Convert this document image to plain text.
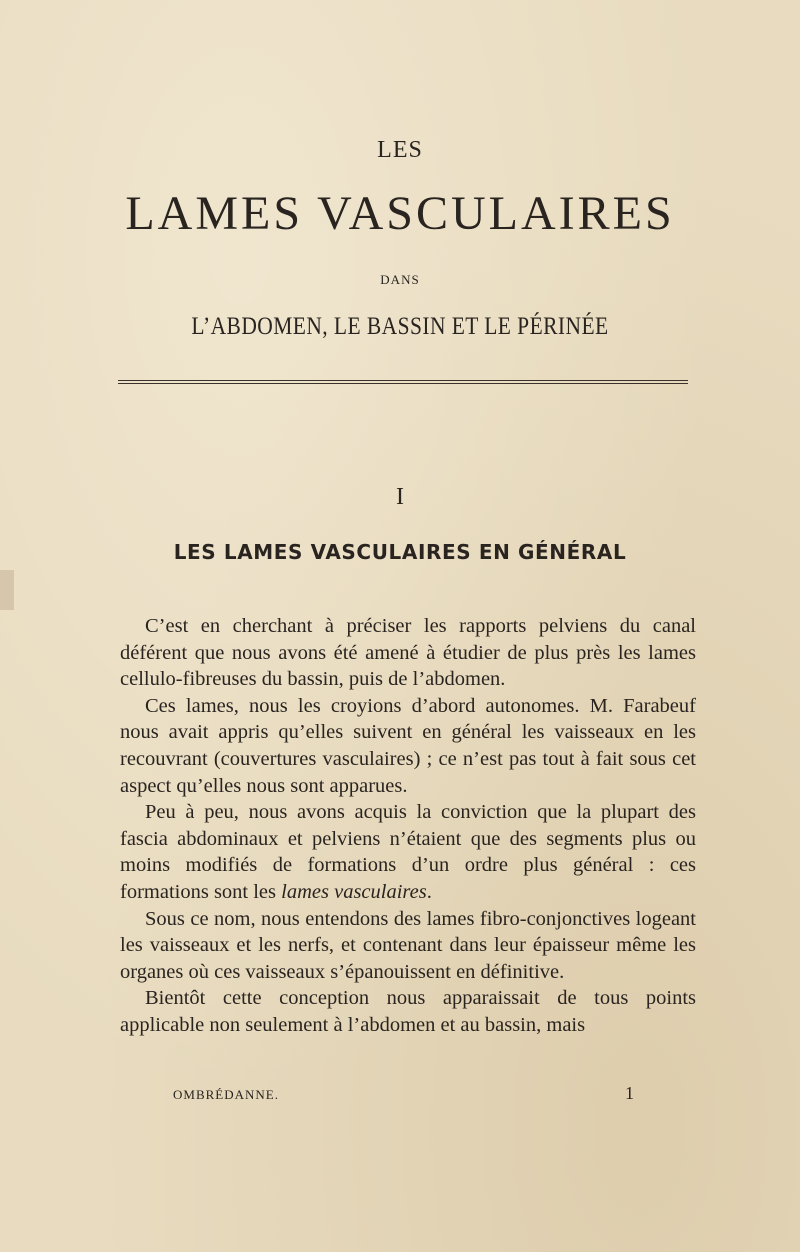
LES
LAMES VASCULAIRES
DANS
L’ABDOMEN, LE BASSIN ET LE PÉRINÉE
I
LES LAMES VASCULAIRES EN GÉNÉRAL

C’est en cherchant à préciser les rapports pelviens du canal déférent que nous avons été amené à étudier de plus près les lames cellulo-fibreuses du bassin, puis de l’abdomen.

Ces lames, nous les croyions d’abord autonomes. M. Farabeuf nous avait appris qu’elles suivent en général les vaisseaux en les recouvrant (couvertures vasculaires) ; ce n’est pas tout à fait sous cet aspect qu’elles nous sont apparues.

Peu à peu, nous avons acquis la conviction que la plupart des fascia abdominaux et pelviens n’étaient que des segments plus ou moins modifiés de formations d’un ordre plus général : ces formations sont les lames vasculaires.

Sous ce nom, nous entendons des lames fibro-conjonctives logeant les vaisseaux et les nerfs, et contenant dans leur épaisseur même les organes où ces vaisseaux s’épanouissent en définitive.

Bientôt cette conception nous apparaissait de tous points applicable non seulement à l’abdomen et au bassin, mais

OMBRÉDANNE.	1
